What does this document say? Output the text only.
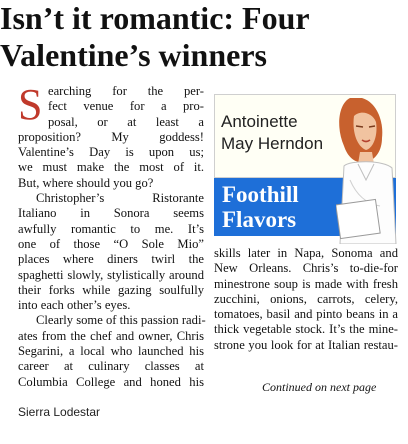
Isn’t it romantic: Four
Valentine’s winners
S earching for the per-
fect venue for a pro-
posal, or at least a
proposition? My goddess!
Valentine’s Day is upon us;
we must make the most of it.
But, where should you go?
Christopher’s Ristorante
Italiano in Sonora seems
awfully romantic to me. It’s
one of those “O Sole Mio”
places where diners twirl the
spaghetti slowly, stylistically around
their forks while gazing soulfully
into each other’s eyes.
Clearly some of this passion radi-
ates from the chef and owner, Chris
Segarini, a local who launched his
career at culinary classes at
Columbia College and honed his
Antoinette
May Herndon
Foothill
Flavors
skills later in Napa, Sonoma and
New Orleans. Chris’s to-die-for
minestrone soup is made with fresh
zucchini, onions, carrots, celery,
tomatoes, basil and pinto beans in a
thick vegetable stock. It’s the mine-
strone you look for at Italian restau-
Continued on next page
Sierra Lodestar
